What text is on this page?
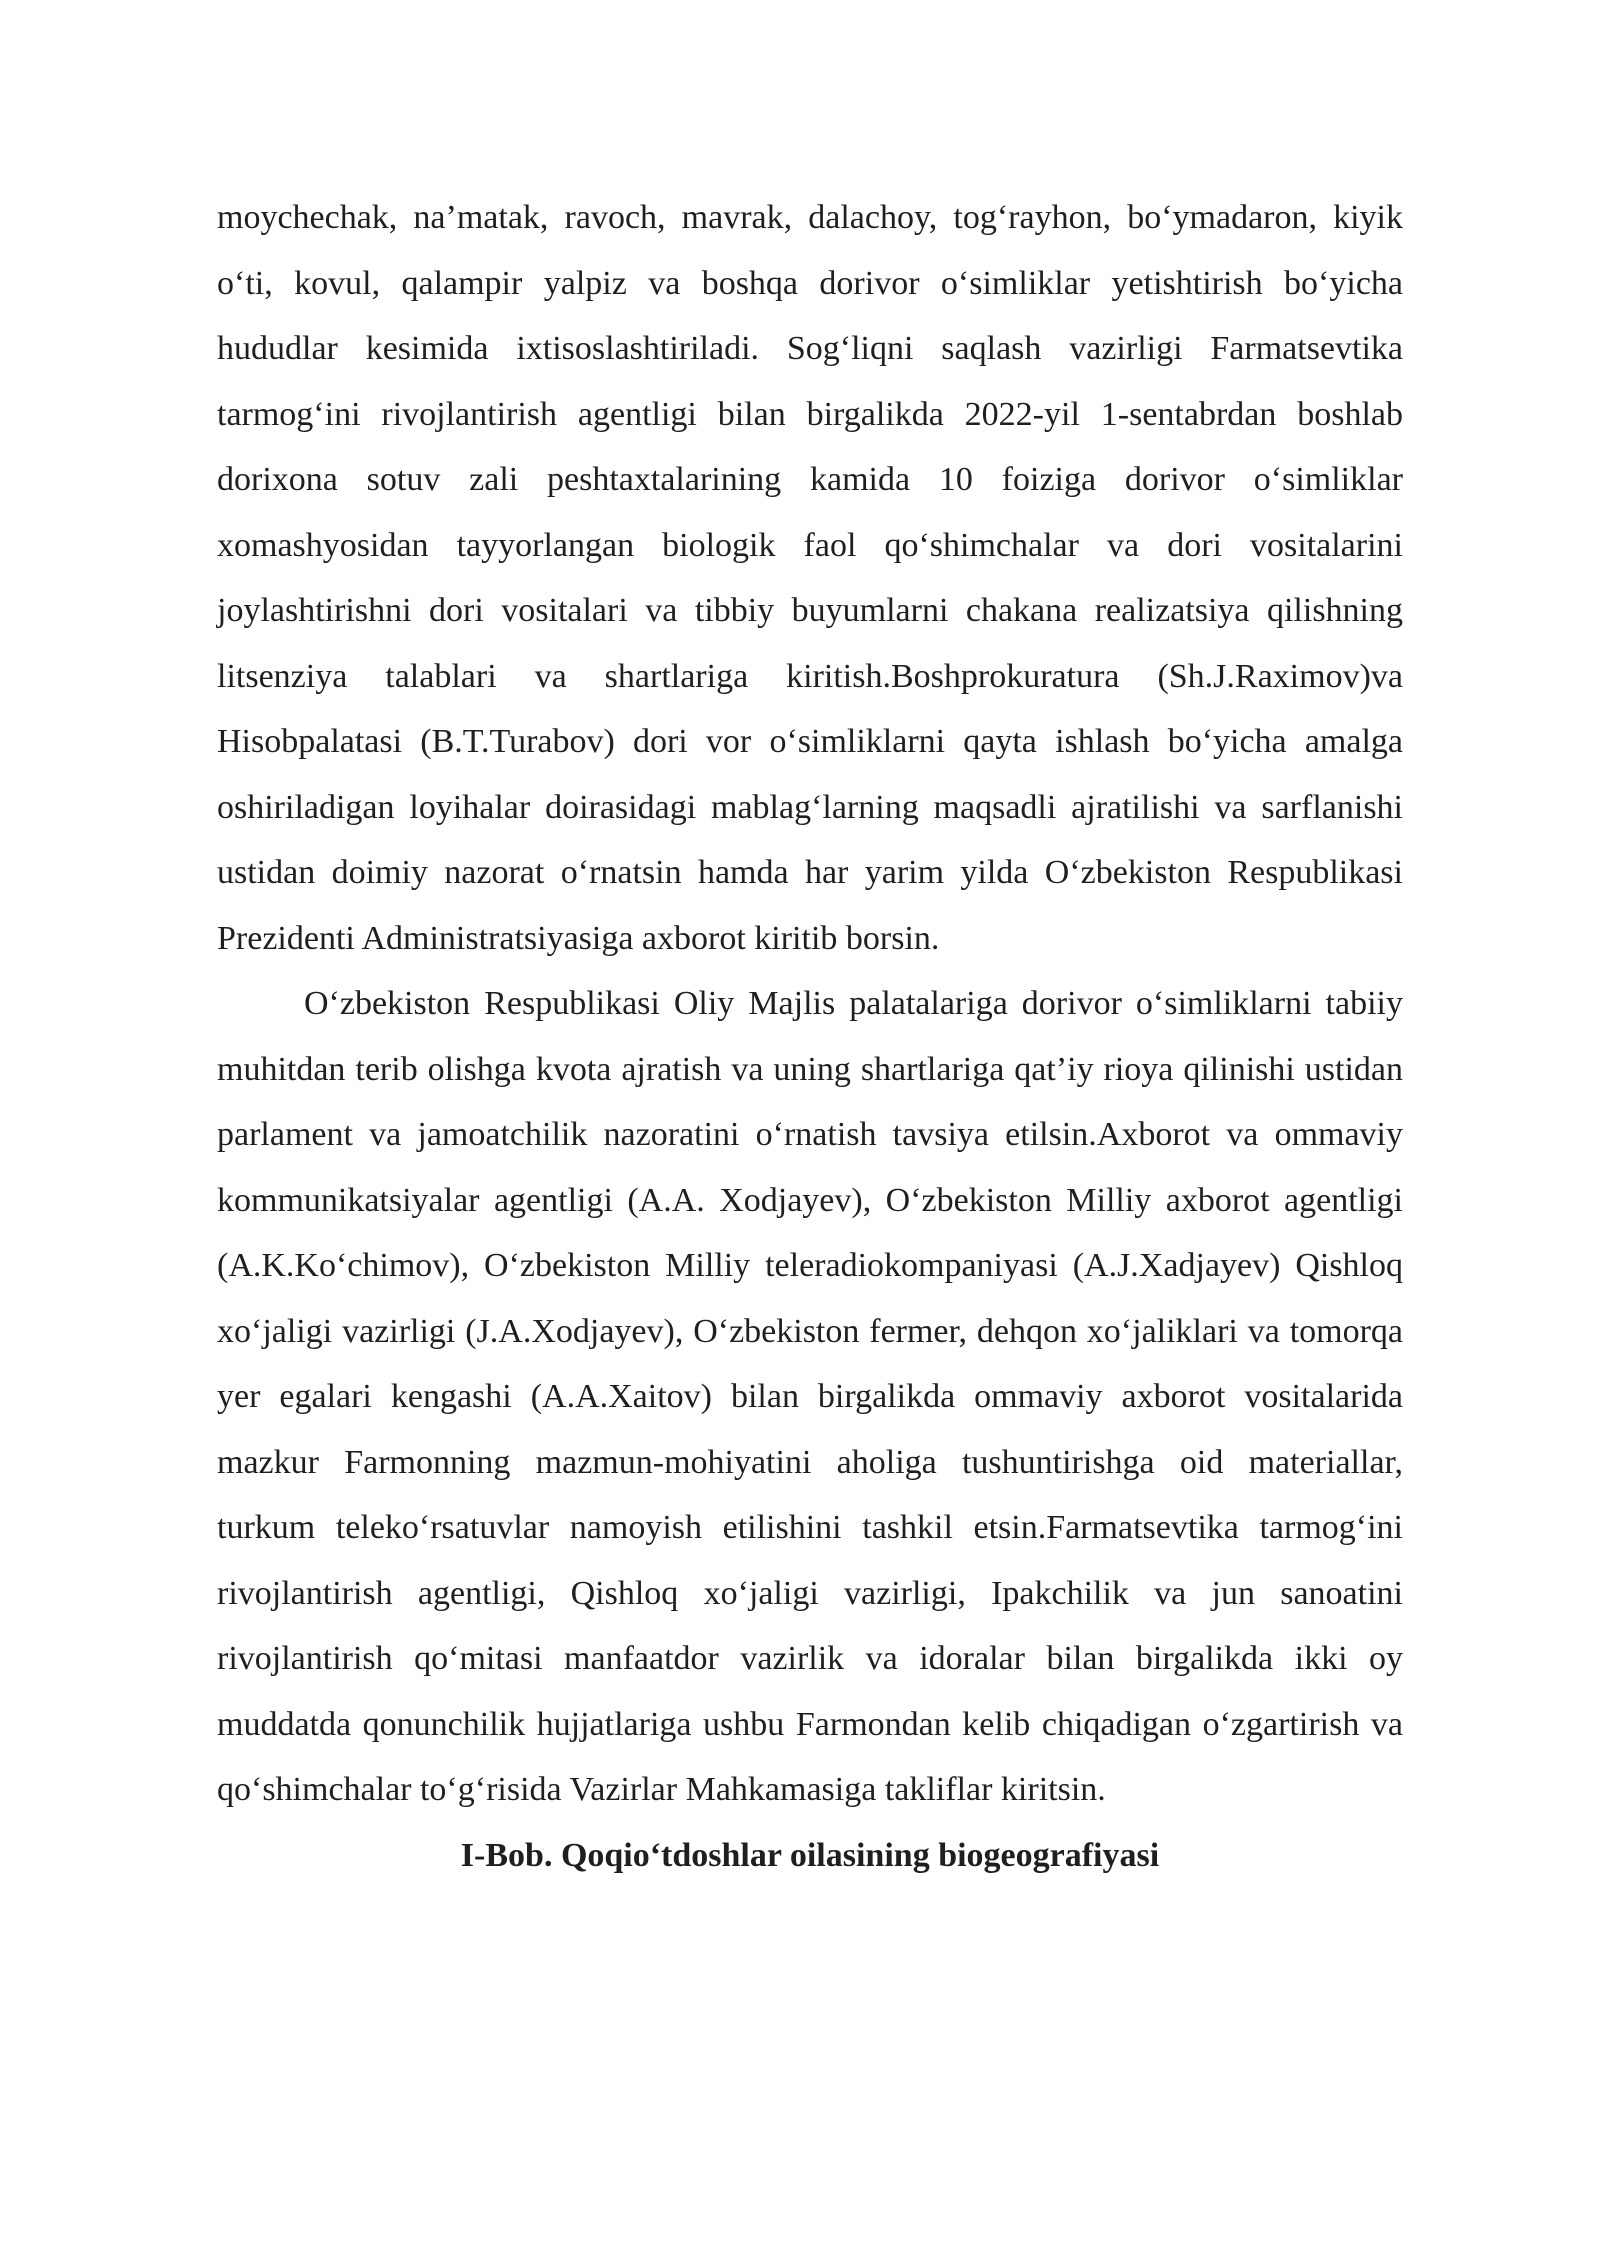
moychechak, na’matak, ravoch, mavrak, dalachoy, tog‘rayhon, bo‘ymadaron, kiyik o‘ti, kovul, qalampir yalpiz va boshqa dorivor o‘simliklar yetishtirish bo‘yicha hududlar kesimida ixtisoslashtiriladi. Sog‘liqni saqlash vazirligi Farmatsevtika tarmog‘ini rivojlantirish agentligi bilan birgalikda 2022-yil 1-sentabrdan boshlab dorixona sotuv zali peshtaxtalarining kamida 10 foiziga dorivor o‘simliklar xomashyosidan tayyorlangan biologik faol qo‘shimchalar va dori vositalarini joylashtirishni dori vositalari va tibbiy buyumlarni chakana realizatsiya qilishning litsenziya talablari va shartlariga kiritish.Boshprokuratura (Sh.J.Raximov)va Hisobpalatasi (B.T.Turabov) dori vor o‘simliklarni qayta ishlash bo‘yicha amalga oshiriladigan loyihalar doirasidagi mablag‘larning maqsadli ajratilishi va sarflanishi ustidan doimiy nazorat o‘rnatsin hamda har yarim yilda O‘zbekiston Respublikasi Prezidenti Administratsiyasiga axborot kiritib borsin.

O‘zbekiston Respublikasi Oliy Majlis palatalariga dorivor o‘simliklarni tabiiy muhitdan terib olishga kvota ajratish va uning shartlariga qat’iy rioya qilinishi ustidan parlament va jamoatchilik nazoratini o‘rnatish tavsiya etilsin.Axborot va ommaviy kommunikatsiyalar agentligi (A.A. Xodjayev), O‘zbekiston Milliy axborot agentligi (A.K.Ko‘chimov), O‘zbekiston Milliy teleradiokompaniyasi (A.J.Xadjayev) Qishloq xo‘jaligi vazirligi (J.A.Xodjayev), O‘zbekiston fermer, dehqon xo‘jaliklari va tomorqa yer egalari kengashi (A.A.Xaitov) bilan birgalikda ommaviy axborot vositalarida mazkur Farmonning mazmun-mohiyatini aholiga tushuntirishga oid materiallar, turkum teleko‘rsatuvlar namoyish etilishini tashkil etsin.Farmatsevtika tarmog‘ini rivojlantirish agentligi, Qishloq xo‘jaligi vazirligi, Ipakchilik va jun sanoatini rivojlantirish qo‘mitasi manfaatdor vazirlik va idoralar bilan birgalikda ikki oy muddatda qonunchilik hujjatlariga ushbu Farmondan kelib chiqadigan o‘zgartirish va qo‘shimchalar to‘g‘risida Vazirlar Mahkamasiga takliflar kiritsin.

I-Bob. Qoqio‘tdoshlar oilasining biogeografiyasi
